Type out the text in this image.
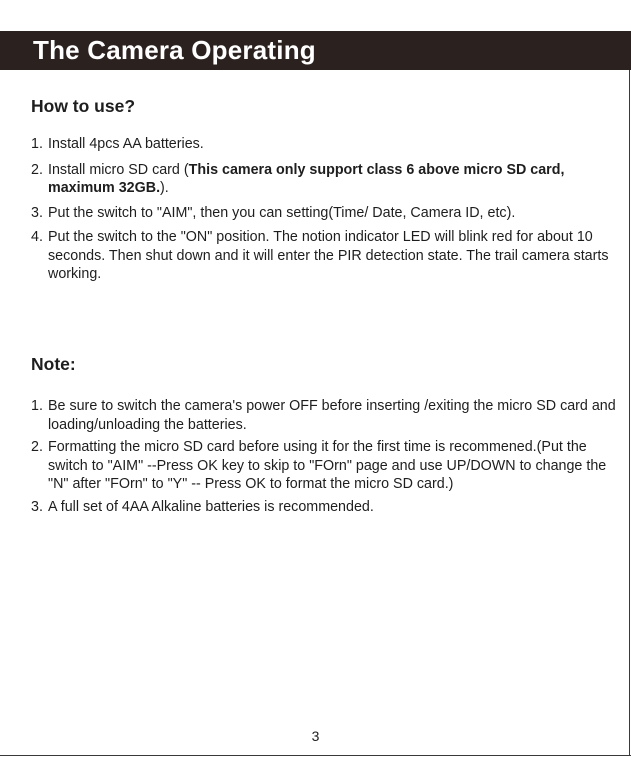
The Camera Operating
How to use?
1. Install 4pcs AA batteries.
2. Install micro SD card (This camera only support class 6 above micro SD card, maximum 32GB.).
3. Put the switch to "AIM", then you can setting(Time/ Date, Camera ID, etc).
4. Put the switch to the "ON" position. The notion indicator LED will blink red for about 10 seconds. Then shut down and it will enter the PIR detection state. The trail camera starts working.
Note:
1. Be sure to switch the camera's power OFF before inserting /exiting the micro SD card and loading/unloading the batteries.
2. Formatting the micro SD card before using it for the first time is recommened.(Put the switch to "AIM" --Press OK key to skip to "FOrn" page and use UP/DOWN to change the "N" after "FOrn" to "Y" -- Press OK to format the micro SD card.)
3. A full set of 4AA Alkaline batteries is recommended.
3
